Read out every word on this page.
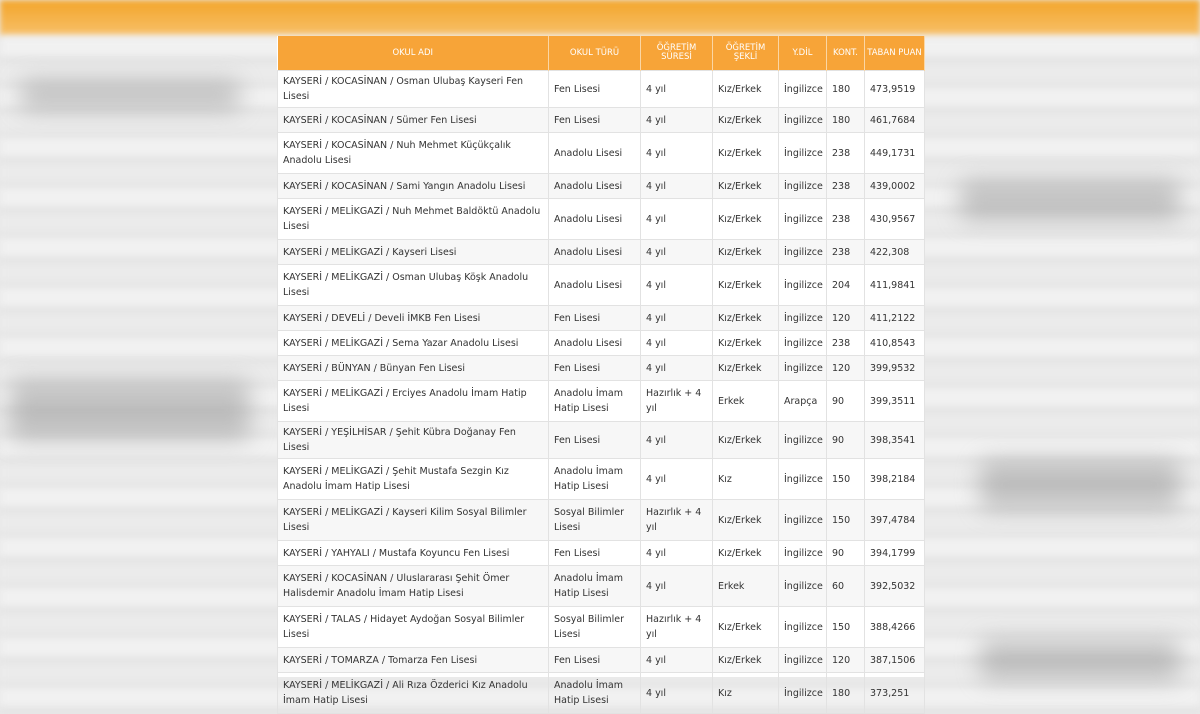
OKUL ADI	OKUL TÜRÜ	ÖĞRETİM SÜRESİ	ÖĞRETİM ŞEKLİ	Y.DİL	KONT.	TABAN PUAN
KAYSERİ / KOCASİNAN / Osman Ulubaş Kayseri Fen Lisesi	Fen Lisesi	4 yıl	Kız/Erkek	İngilizce	180	473,9519
KAYSERİ / KOCASİNAN / Sümer Fen Lisesi	Fen Lisesi	4 yıl	Kız/Erkek	İngilizce	180	461,7684
KAYSERİ / KOCASİNAN / Nuh Mehmet Küçükçalık Anadolu Lisesi	Anadolu Lisesi	4 yıl	Kız/Erkek	İngilizce	238	449,1731
KAYSERİ / KOCASİNAN / Sami Yangın Anadolu Lisesi	Anadolu Lisesi	4 yıl	Kız/Erkek	İngilizce	238	439,0002
KAYSERİ / MELİKGAZİ / Nuh Mehmet Baldöktü Anadolu Lisesi	Anadolu Lisesi	4 yıl	Kız/Erkek	İngilizce	238	430,9567
KAYSERİ / MELİKGAZİ / Kayseri Lisesi	Anadolu Lisesi	4 yıl	Kız/Erkek	İngilizce	238	422,308
KAYSERİ / MELİKGAZİ / Osman Ulubaş Köşk Anadolu Lisesi	Anadolu Lisesi	4 yıl	Kız/Erkek	İngilizce	204	411,9841
KAYSERİ / DEVELİ / Develi İMKB Fen Lisesi	Fen Lisesi	4 yıl	Kız/Erkek	İngilizce	120	411,2122
KAYSERİ / MELİKGAZİ / Sema Yazar Anadolu Lisesi	Anadolu Lisesi	4 yıl	Kız/Erkek	İngilizce	238	410,8543
KAYSERİ / BÜNYAN / Bünyan Fen Lisesi	Fen Lisesi	4 yıl	Kız/Erkek	İngilizce	120	399,9532
KAYSERİ / MELİKGAZİ / Erciyes Anadolu İmam Hatip Lisesi	Anadolu İmam Hatip Lisesi	Hazırlık + 4 yıl	Erkek	Arapça	90	399,3511
KAYSERİ / YEŞİLHİSAR / Şehit Kübra Doğanay Fen Lisesi	Fen Lisesi	4 yıl	Kız/Erkek	İngilizce	90	398,3541
KAYSERİ / MELİKGAZİ / Şehit Mustafa Sezgin Kız Anadolu İmam Hatip Lisesi	Anadolu İmam Hatip Lisesi	4 yıl	Kız	İngilizce	150	398,2184
KAYSERİ / MELİKGAZİ / Kayseri Kilim Sosyal Bilimler Lisesi	Sosyal Bilimler Lisesi	Hazırlık + 4 yıl	Kız/Erkek	İngilizce	150	397,4784
KAYSERİ / YAHYALI / Mustafa Koyuncu Fen Lisesi	Fen Lisesi	4 yıl	Kız/Erkek	İngilizce	90	394,1799
KAYSERİ / KOCASİNAN / Uluslararası Şehit Ömer Halisdemir Anadolu İmam Hatip Lisesi	Anadolu İmam Hatip Lisesi	4 yıl	Erkek	İngilizce	60	392,5032
KAYSERİ / TALAS / Hidayet Aydoğan Sosyal Bilimler Lisesi	Sosyal Bilimler Lisesi	Hazırlık + 4 yıl	Kız/Erkek	İngilizce	150	388,4266
KAYSERİ / TOMARZA / Tomarza Fen Lisesi	Fen Lisesi	4 yıl	Kız/Erkek	İngilizce	120	387,1506
KAYSERİ / MELİKGAZİ / Ali Rıza Özderici Kız Anadolu İmam Hatip Lisesi	Anadolu İmam Hatip Lisesi	4 yıl	Kız	İngilizce	180	373,251
